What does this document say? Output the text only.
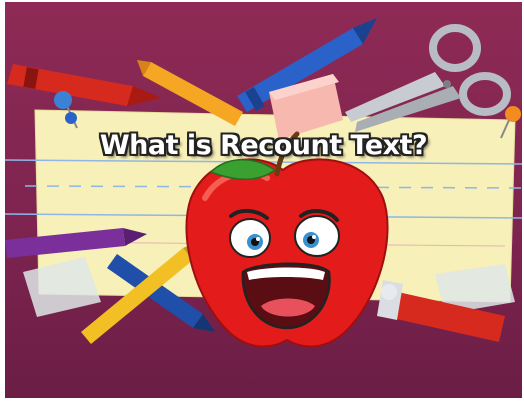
What is Recount Text?
